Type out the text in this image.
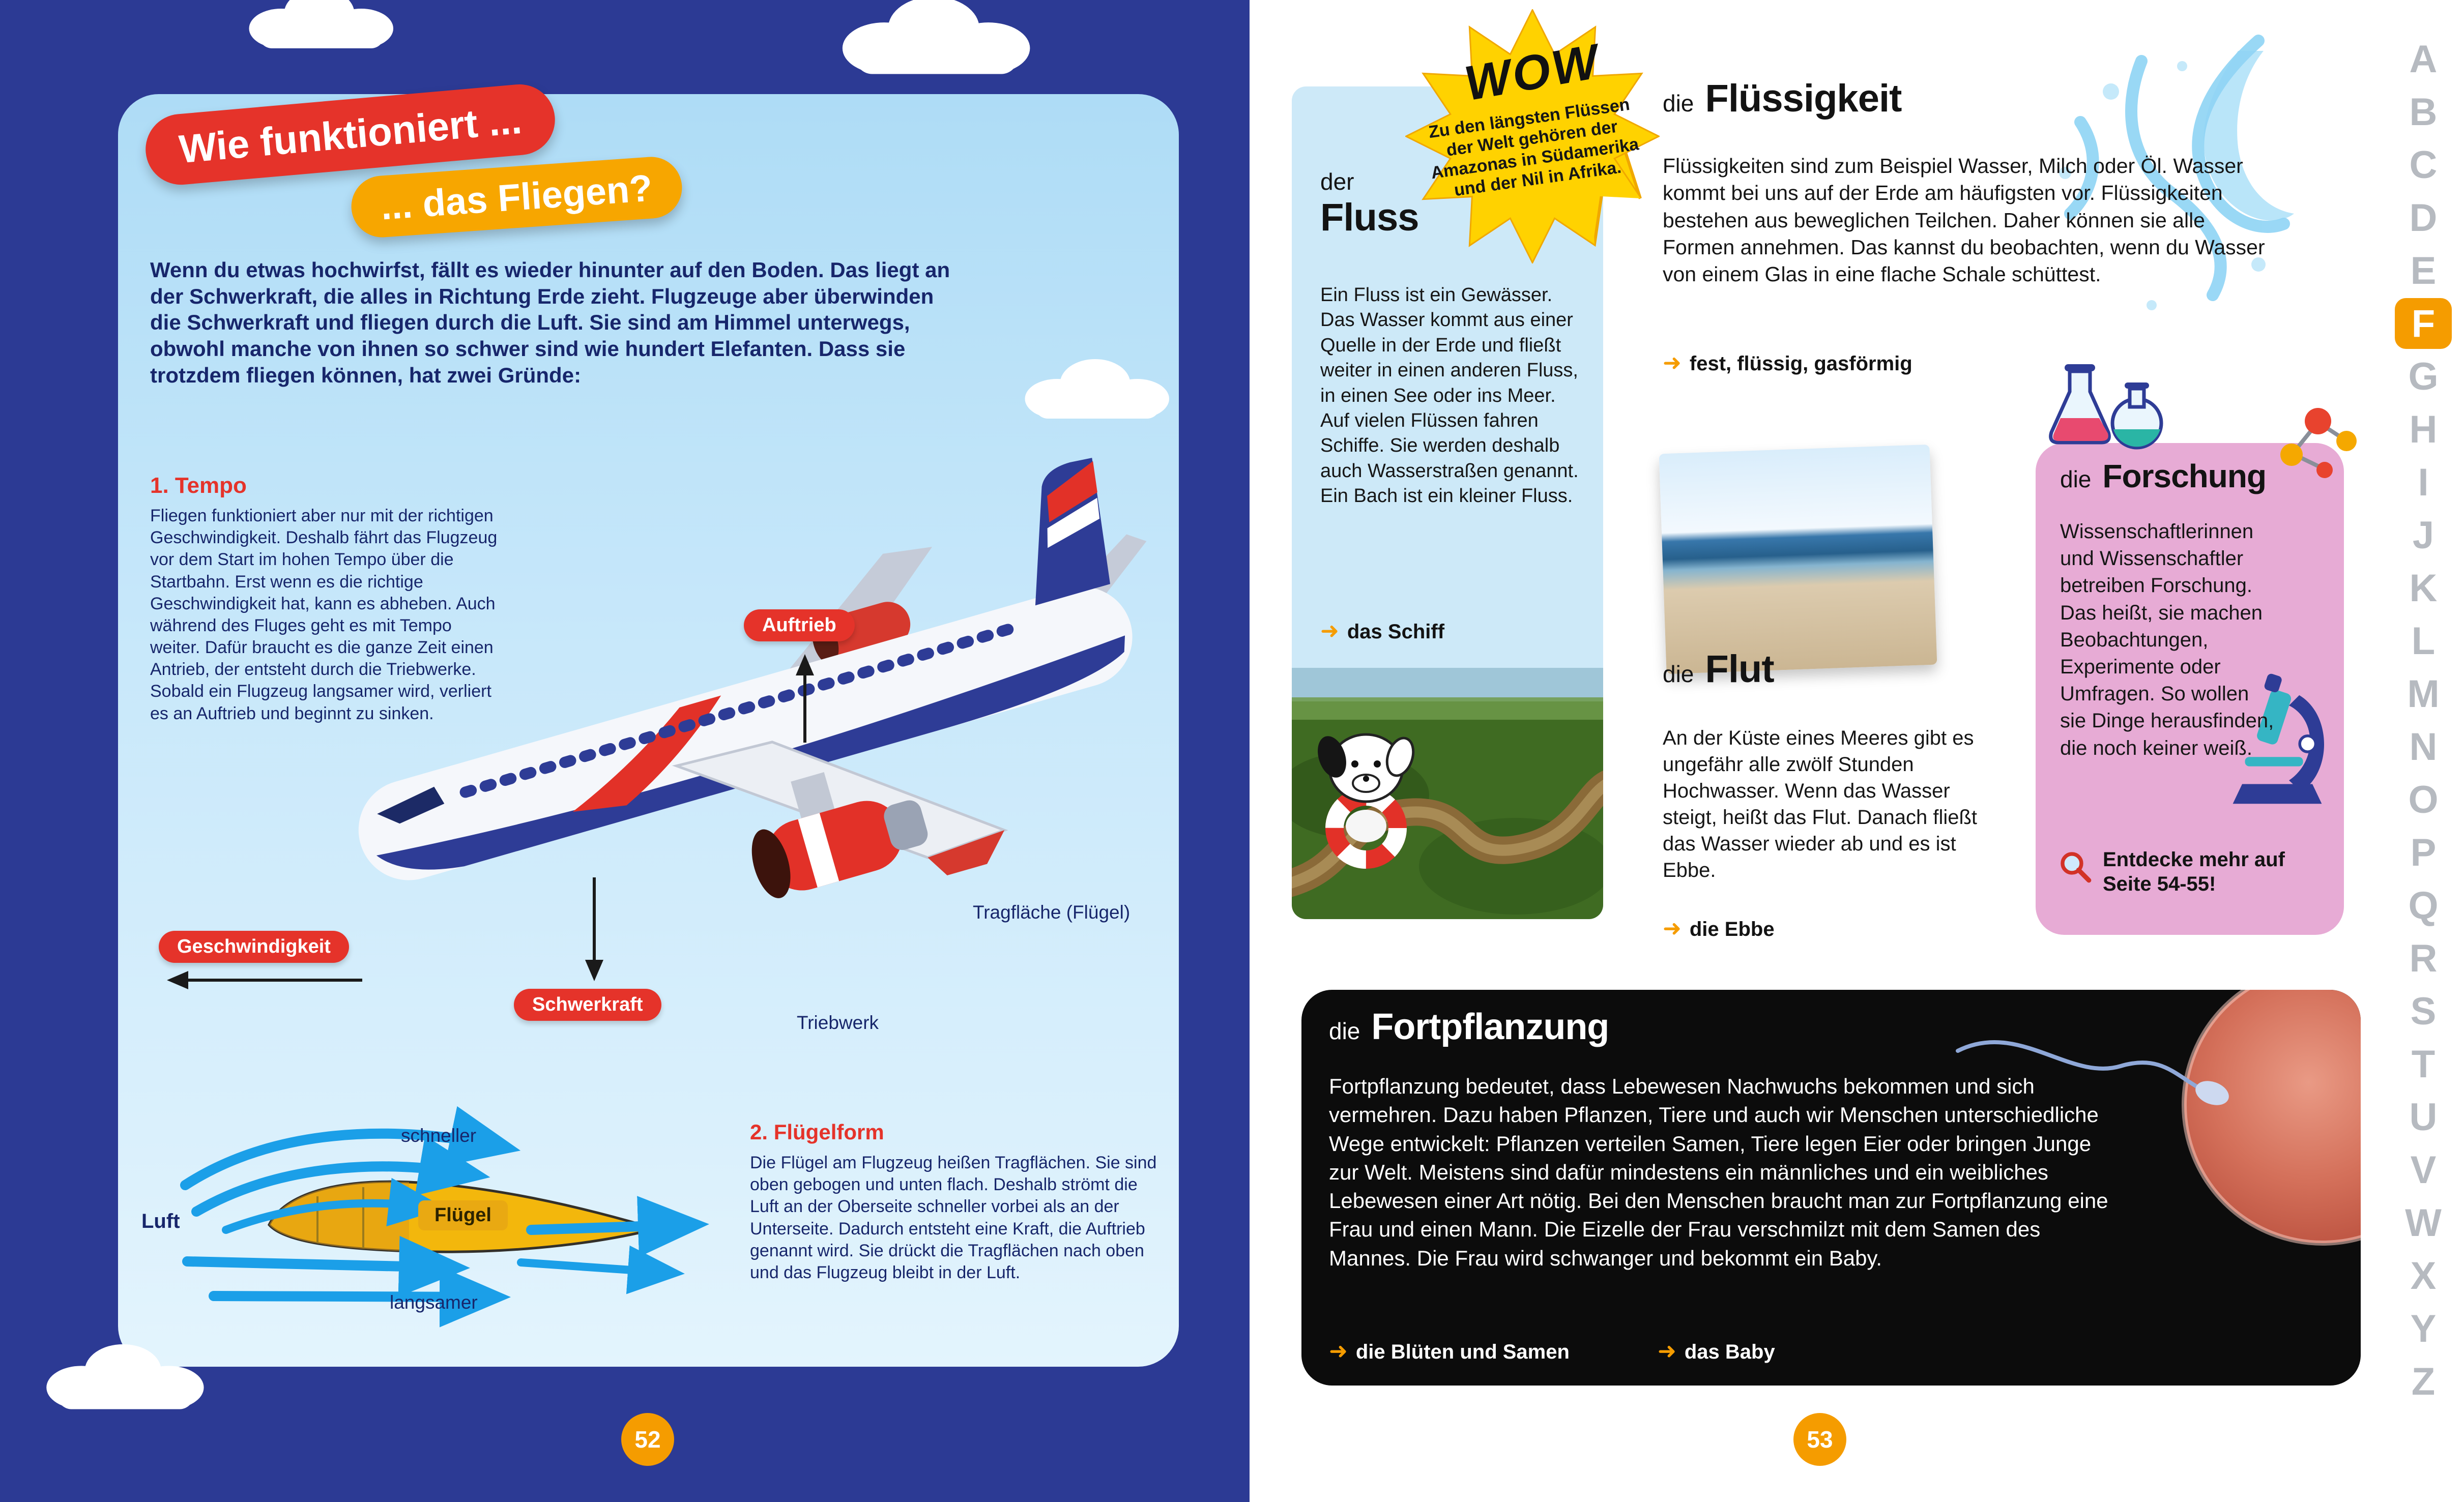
Wie funktioniert ...
... das Fliegen?
Wenn du etwas hochwirfst, fällt es wieder hinunter auf den Boden. Das liegt an der Schwerkraft, die alles in Richtung Erde zieht. Flugzeuge aber überwinden die Schwerkraft und fliegen durch die Luft. Sie sind am Himmel unterwegs, obwohl manche von ihnen so schwer sind wie hundert Elefanten. Dass sie trotzdem fliegen können, hat zwei Gründe:
1. Tempo
Fliegen funktioniert aber nur mit der richtigen Geschwindigkeit. Deshalb fährt das Flugzeug vor dem Start im hohen Tempo über die Startbahn. Erst wenn es die richtige Geschwindigkeit hat, kann es abheben. Auch während des Fluges geht es mit Tempo weiter. Dafür braucht es die ganze Zeit einen Antrieb, der entsteht durch die Triebwerke. Sobald ein Flugzeug langsamer wird, verliert es an Auftrieb und beginnt zu sinken.
Auftrieb
Geschwindigkeit
Schwerkraft
Tragfläche (Flügel)
Triebwerk
schneller
Luft	Flügel
langsamer
2. Flügelform
Die Flügel am Flugzeug heißen Tragflächen. Sie sind oben gebogen und unten flach. Deshalb strömt die Luft an der Oberseite schneller vorbei als an der Unterseite. Dadurch entsteht eine Kraft, die Auftrieb genannt wird. Sie drückt die Tragflächen nach oben und das Flugzeug bleibt in der Luft.
52
WOW
Zu den längsten Flüssen der Welt gehören der Amazonas in Südamerika und der Nil in Afrika.
der
Fluss
Ein Fluss ist ein Gewässer. Das Wasser kommt aus einer Quelle in der Erde und fließt weiter in einen anderen Fluss, in einen See oder ins Meer. Auf vielen Flüssen fahren Schiffe. Sie werden deshalb auch Wasserstraßen genannt. Ein Bach ist ein kleiner Fluss.
➜ das Schiff
die Flüssigkeit
Flüssigkeiten sind zum Beispiel Wasser, Milch oder Öl. Wasser kommt bei uns auf der Erde am häufigsten vor. Flüssigkeiten bestehen aus beweglichen Teilchen. Daher können sie alle Formen annehmen. Das kannst du beobachten, wenn du Wasser von einem Glas in eine flache Schale schüttest.
➜ fest, flüssig, gasförmig
die Flut
An der Küste eines Meeres gibt es ungefähr alle zwölf Stunden Hochwasser. Wenn das Wasser steigt, heißt das Flut. Danach fließt das Wasser wieder ab und es ist Ebbe.
➜ die Ebbe
die Forschung
Wissenschaftlerinnen und Wissenschaftler betreiben Forschung. Das heißt, sie machen Beobachtungen, Experimente oder Umfragen. So wollen sie Dinge herausfinden, die noch keiner weiß.
Entdecke mehr auf Seite 54-55!
die Fortpflanzung
Fortpflanzung bedeutet, dass Lebewesen Nachwuchs bekommen und sich vermehren. Dazu haben Pflanzen, Tiere und auch wir Menschen unterschiedliche Wege entwickelt: Pflanzen verteilen Samen, Tiere legen Eier oder bringen Junge zur Welt. Meistens sind dafür mindestens ein männliches und ein weibliches Lebewesen einer Art nötig. Bei den Menschen braucht man zur Fortpflanzung eine Frau und einen Mann. Die Eizelle der Frau verschmilzt mit dem Samen des Mannes. Die Frau wird schwanger und bekommt ein Baby.
➜ die Blüten und Samen	➜ das Baby
53
A
B
C
D
E
F
G
H
I
J
K
L
M
N
O
P
Q
R
S
T
U
V
W
X
Y
Z
